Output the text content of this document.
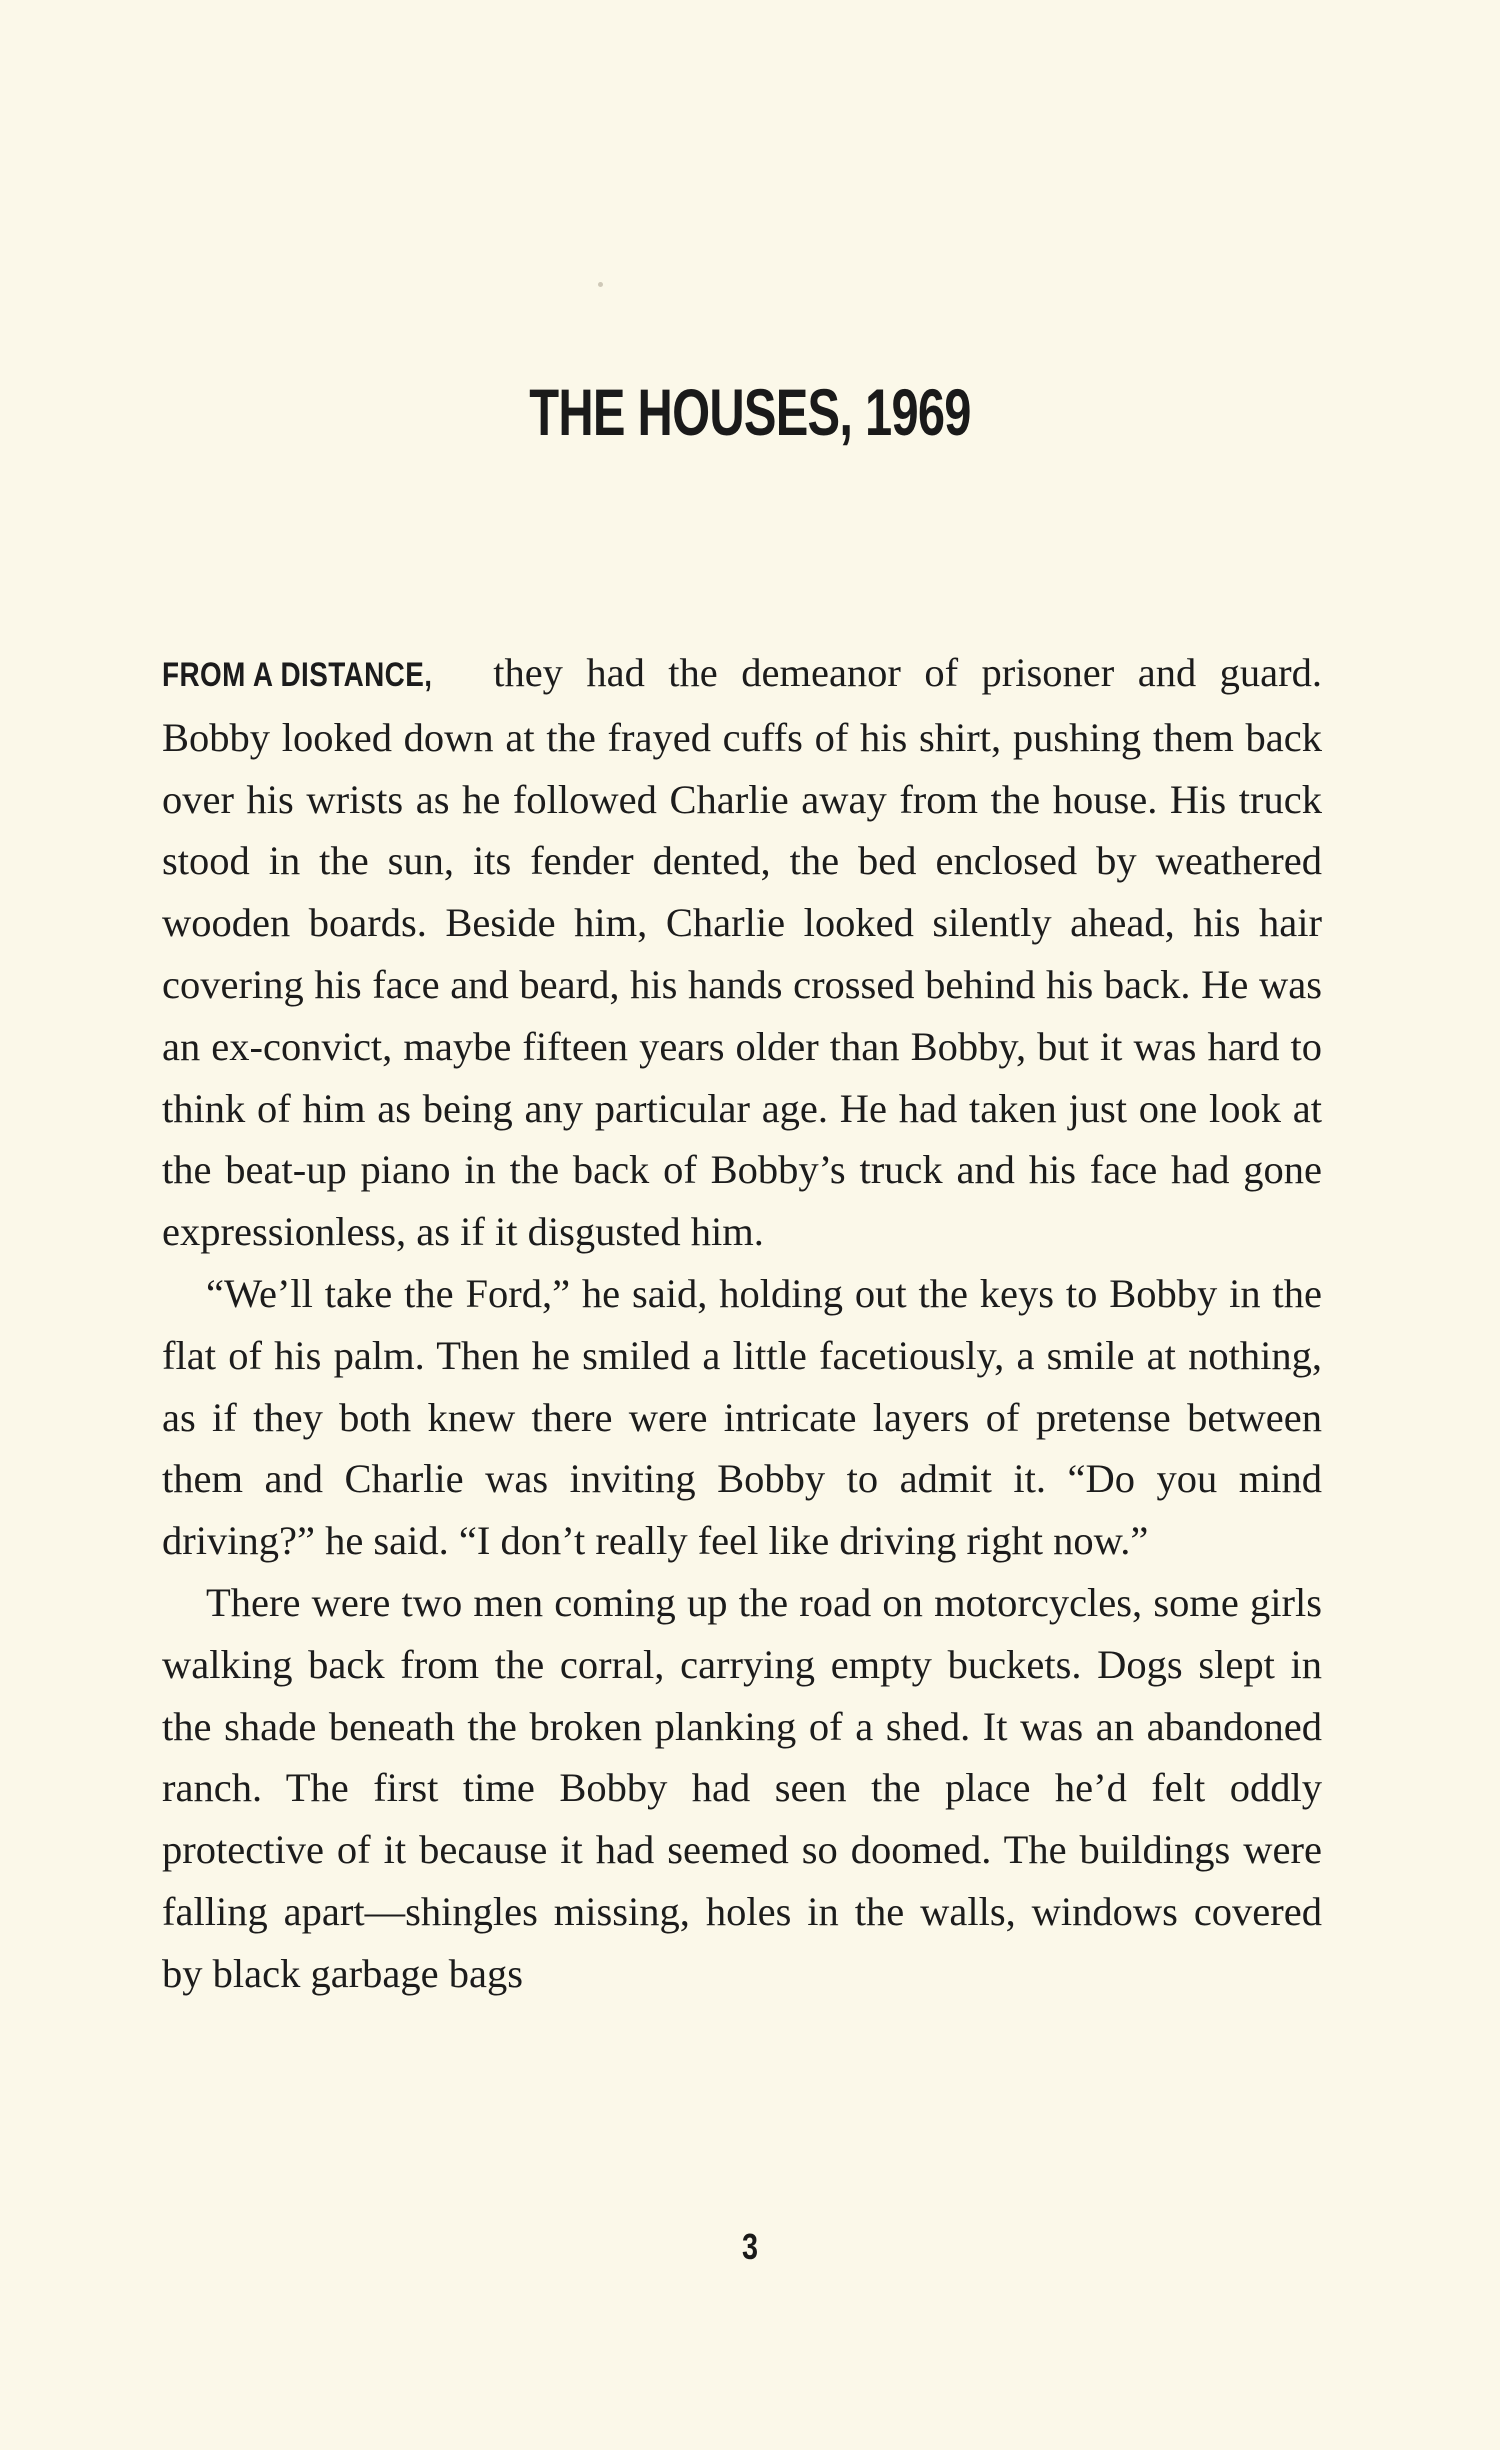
THE HOUSES, 1969

FROM A DISTANCE, they had the demeanor of prisoner and guard. Bobby looked down at the frayed cuffs of his shirt, pushing them back over his wrists as he followed Charlie away from the house. His truck stood in the sun, its fender dented, the bed enclosed by weathered wooden boards. Beside him, Charlie looked silently ahead, his hair covering his face and beard, his hands crossed behind his back. He was an ex-convict, maybe fifteen years older than Bobby, but it was hard to think of him as being any particular age. He had taken just one look at the beat-up piano in the back of Bobby’s truck and his face had gone expressionless, as if it disgusted him.

“We’ll take the Ford,” he said, holding out the keys to Bobby in the flat of his palm. Then he smiled a little facetiously, a smile at nothing, as if they both knew there were intricate layers of pretense between them and Charlie was inviting Bobby to admit it. “Do you mind driving?” he said. “I don’t really feel like driving right now.”

There were two men coming up the road on motorcycles, some girls walking back from the corral, carrying empty buckets. Dogs slept in the shade beneath the broken planking of a shed. It was an abandoned ranch. The first time Bobby had seen the place he’d felt oddly protective of it because it had seemed so doomed. The buildings were falling apart—shingles missing, holes in the walls, windows covered by black garbage bags

3
